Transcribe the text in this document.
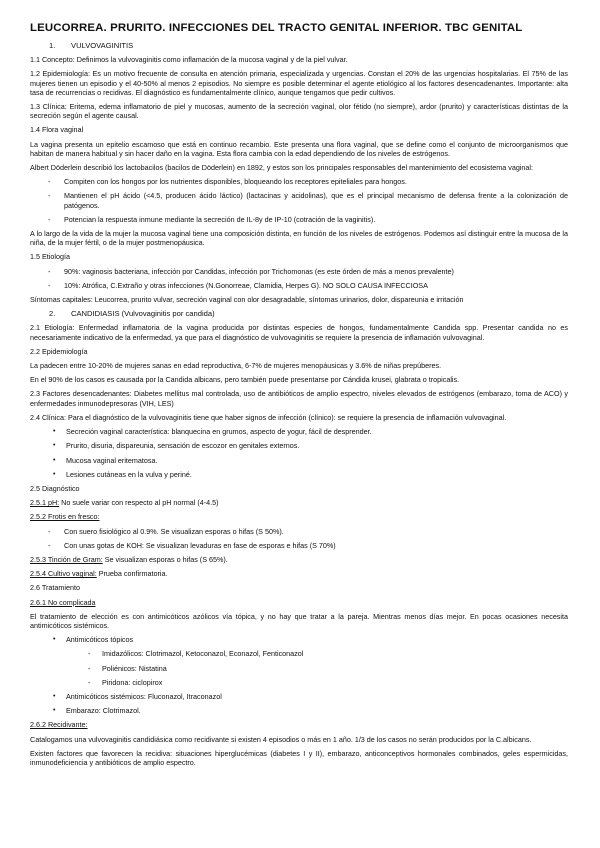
LEUCORREA. PRURITO. INFECCIONES DEL TRACTO GENITAL INFERIOR. TBC GENITAL
1. VULVOVAGINITIS

1.1 Concepto: Definimos la vulvovaginitis como inflamación de la mucosa vaginal y de la piel vulvar.

1.2 Epidemiología: Es un motivo frecuente de consulta en atención primaria, especializada y urgencias. Constan el 20% de las urgencias hospitalarias. El 75% de las mujeres tienen un episodio y el 40-50% al menos 2 episodios. No siempre es posible determinar el agente etiológico al los factores desencadenantes. Importante: alta tasa de recurrencias o recidivas. El diagnóstico es fundamentalmente clínico, aunque tengamos que pedir cultivos.

1.3 Clínica: Eritema, edema inflamatorio de piel y mucosas, aumento de la secreción vaginal, olor fétido (no siempre), ardor (prurito) y características distintas de la secreción según el agente causal.

1.4 Flora vaginal

La vagina presenta un epitelio escamoso que está en continuo recambio. Este presenta una flora vaginal, que se define como el conjunto de microorganismos que habitan de manera habitual y sin hacer daño en la vagina. Esta flora cambia con la edad dependiendo de los niveles de estrógenos.

Albert Döderlein describió los lactobacilos (bacilos de Döderlein) en 1892, y estos son los principales responsables del mantenimiento del ecosistema vaginal:

- Compiten con los hongos por los nutrientes disponibles, bloqueando los receptores epiteliales para hongos.
- Mantienen el pH ácido (<4.5, producen ácido láctico) (lactacinas y acidolinas), que es el principal mecanismo de defensa frente a la colonización de patógenos.
- Potencian la respuesta inmune mediante la secreción de IL-8y de IP-10 (cotración de la vaginitis).

A lo largo de la vida de la mujer la mucosa vaginal tiene una composición distinta, en función de los niveles de estrógenos. Podemos así distinguir entre la mucosa de la niña, de la mujer fértil, o de la mujer postmenopáusica.

1.5 Etiología
- 90%: vaginosis bacteriana, infección por Candidas, infección por Trichomonas (es este órden de más a menos prevalente)
- 10%: Atrófica, C.Extraño y otras infecciones (N.Gonorreae, Clamidia, Herpes G). NO SOLO CAUSA INFECCIOSA

Síntomas capitales: Leucorrea, prurito vulvar, secreción vaginal con olor desagradable, síntomas urinarios, dolor, dispareunia e irritación

2. CANDIDIASIS (Vulvovaginitis por candida)

2.1 Etiología: Enfermedad inflamatoria de la vagina producida por distintas especies de hongos, fundamentalmente Candida spp. Presentar candida no es necesariamente indicativo de la enfermedad, ya que para el diagnóstico de vulvovaginitis se requiere la presencia de inflamación vulvovaginal.

2.2 Epidemiología

La padecen entre 10-20% de mujeres sanas en edad reproductiva, 6-7% de mujeres menopáusicas y 3.6% de niñas prepúberes.

En el 90% de los casos es causada por la Candida albicans, pero también puede presentarse por Cándida krusei, glabrata o tropicalis.

2.3 Factores desencadenantes: Diabetes mellitus mal controlada, uso de antibióticos de amplio espectro, niveles elevados de estrógenos (embarazo, toma de ACO) y enfermedades inmunodepresoras (VIH, LES)

2.4 Clínica: Para el diagnóstico de la vulvovaginitis tiene que haber signos de infección (clínico): se requiere la presencia de inflamación vulvovaginal.

• Secreción vaginal característica: blanquecina en grumos, aspecto de yogur, fácil de desprender.
• Prurito, disuria, dispareunia, sensación de escozor en genitales externos.
• Mucosa vaginal eritematosa.
• Lesiones cutáneas en la vulva y periné.
2.5 Diagnóstico
2.5.1 pH: No suele variar con respecto al pH normal (4-4.5)
2.5.2 Frotis en fresco:
- Con suero fisiológico al 0.9%. Se visualizan esporas o hifas (S 50%).
- Con unas gotas de KOH: Se visualizan levaduras en fase de esporas e hifas (S 70%)
2.5.3 Tinción de Gram: Se visualizan esporas o hifas (S 65%).
2.5.4 Cultivo vaginal: Prueba confirmatoria.
2.6 Tratamiento
2.6.1 No complicada

El tratamiento de elección es con antimicóticos azólicos vía tópica, y no hay que tratar a la pareja. Mientras menos días mejor. En pocas ocasiones necesita antimicóticos sistémicos.

• Antimicóticos tópicos
- Imidazólicos: Clotrimazol, Ketoconazol, Econazol, Fenticonazol
- Poliénicos: Nistatina
- Piridona: ciclopirox
• Antimicóticos sistémicos: Fluconazol, Itraconazol
• Embarazo: Clotrimazol.
2.6.2 Recidivante:

Catalogamos una vulvovaginitis candidiásica como recidivante si existen 4 episodios o más en 1 año. 1/3 de los casos no serán producidos por la C.albicans.

Existen factores que favorecen la recidiva: situaciones hiperglucémicas (diabetes I y II), embarazo, anticonceptivos hormonales combinados, geles espermicidas, inmunodeficiencia y antibióticos de amplio espectro.
